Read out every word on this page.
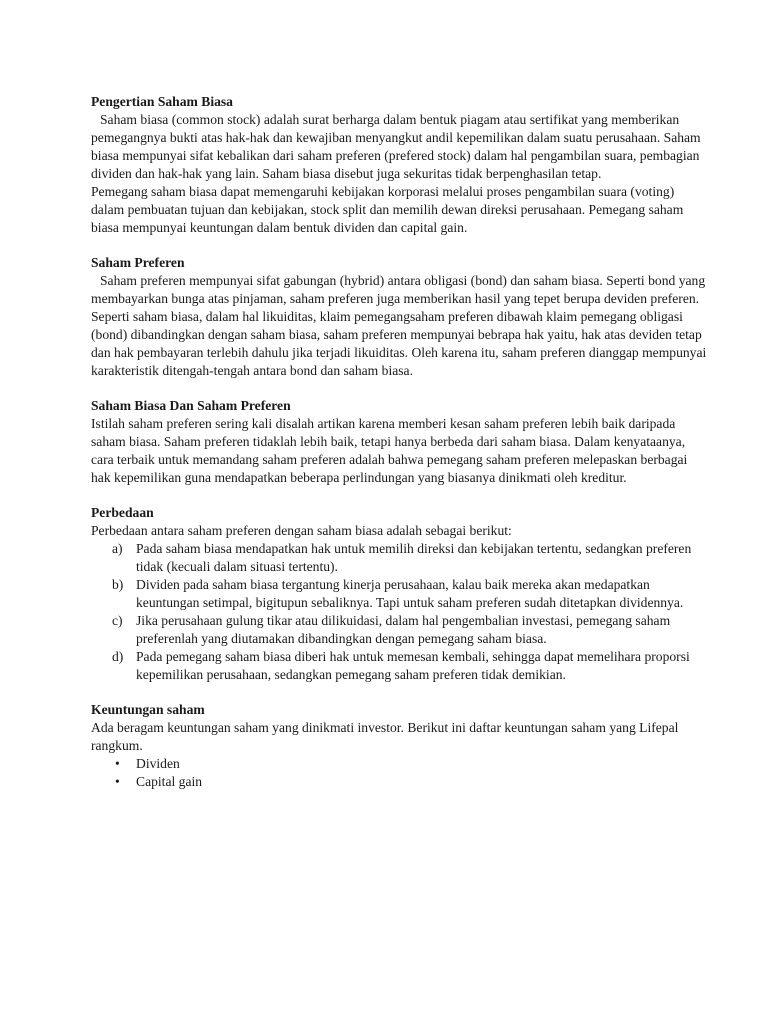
Pengertian Saham Biasa
Saham biasa (common stock) adalah surat berharga dalam bentuk piagam atau sertifikat yang memberikan pemegangnya bukti atas hak-hak dan kewajiban menyangkut andil kepemilikan dalam suatu perusahaan. Saham biasa mempunyai sifat kebalikan dari saham preferen (prefered stock) dalam hal pengambilan suara, pembagian dividen dan hak-hak yang lain. Saham biasa disebut juga sekuritas tidak berpenghasilan tetap.
Pemegang saham biasa dapat memengaruhi kebijakan korporasi melalui proses pengambilan suara (voting) dalam pembuatan tujuan dan kebijakan, stock split dan memilih dewan direksi perusahaan. Pemegang saham biasa mempunyai keuntungan dalam bentuk dividen dan capital gain.
Saham Preferen
Saham preferen mempunyai sifat gabungan (hybrid) antara obligasi (bond) dan saham biasa. Seperti bond yang membayarkan bunga atas pinjaman, saham preferen juga memberikan hasil yang tepet berupa deviden preferen. Seperti saham biasa, dalam hal likuiditas, klaim pemegangsaham preferen dibawah klaim pemegang obligasi (bond) dibandingkan dengan saham biasa, saham preferen mempunyai bebrapa hak yaitu, hak atas deviden tetap dan hak pembayaran terlebih dahulu jika terjadi likuiditas. Oleh karena itu, saham preferen dianggap mempunyai karakteristik ditengah-tengah antara bond dan saham biasa.
Saham Biasa Dan Saham Preferen
Istilah saham preferen sering kali disalah artikan karena memberi kesan saham preferen lebih baik daripada saham biasa. Saham preferen tidaklah lebih baik, tetapi hanya berbeda dari saham biasa. Dalam kenyataanya, cara terbaik untuk memandang saham preferen adalah bahwa pemegang saham preferen melepaskan berbagai hak kepemilikan guna mendapatkan beberapa perlindungan yang biasanya dinikmati oleh kreditur.
Perbedaan
Perbedaan antara saham preferen dengan saham biasa adalah sebagai berikut:
a) Pada saham biasa mendapatkan hak untuk memilih direksi dan kebijakan tertentu, sedangkan preferen tidak (kecuali dalam situasi tertentu).
b) Dividen pada saham biasa tergantung kinerja perusahaan, kalau baik mereka akan medapatkan keuntungan setimpal, bigitupun sebaliknya. Tapi untuk saham preferen sudah ditetapkan dividennya.
c) Jika perusahaan gulung tikar atau dilikuidasi, dalam hal pengembalian investasi, pemegang saham preferenlah yang diutamakan dibandingkan dengan pemegang saham biasa.
d) Pada pemegang saham biasa diberi hak untuk memesan kembali, sehingga dapat memelihara proporsi kepemilikan perusahaan, sedangkan pemegang saham preferen tidak demikian.
Keuntungan saham
Ada beragam keuntungan saham yang dinikmati investor. Berikut ini daftar keuntungan saham yang Lifepal rangkum.
• Dividen
• Capital gain
